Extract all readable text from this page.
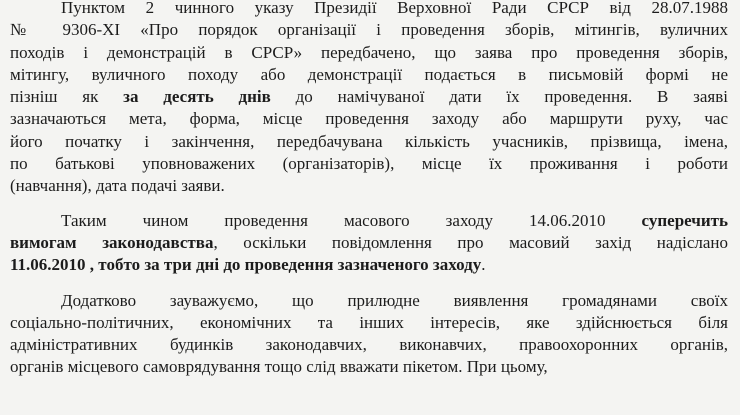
Пунктом 2 чинного указу Президії Верховної Ради СРСР від 28.07.1988
№ 9306-XI «Про порядок організації і проведення зборів, мітингів, вуличних
походів і демонстрацій в СРСР» передбачено, що заява про проведення зборів,
мітингу, вуличного походу або демонстрації подається в письмовій формі не
пізніш як за десять днів до намічуваної дати їх проведення. В заяві
зазначаються мета, форма, місце проведення заходу або маршрути руху, час
його початку і закінчення, передбачувана кількість учасників, прізвища, імена,
по батькові уповноважених (організаторів), місце їх проживання і роботи
(навчання), дата подачі заяви.

Таким чином проведення масового заходу 14.06.2010 суперечить
вимогам законодавства, оскільки повідомлення про масовий захід надіслано
11.06.2010 , тобто за три дні до проведення зазначеного заходу.

Додатково зауважуємо, що прилюдне виявлення громадянами своїх
соціально-політичних, економічних та інших інтересів, яке здійснюється біля
адміністративних будинків законодавчих, виконавчих, правоохоронних органів,
органів місцевого самоврядування тощо слід вважати пікетом. При цьому,
